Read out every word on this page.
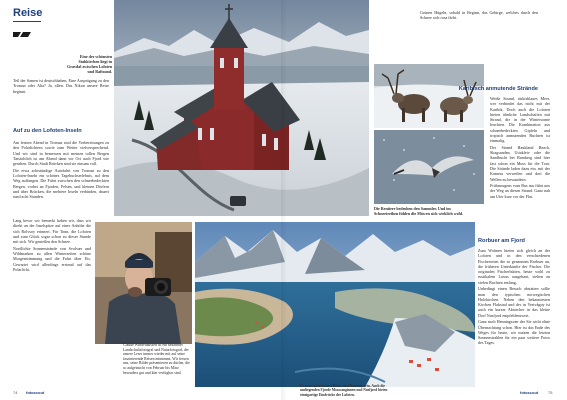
Reise
Eine der schönsten Stabkirchen liegt in Gravdal zwischen Lofoten und Raftsund.

Teil der Samen ist deutschhaben. Eine Ausprägung zu den Tromsø oder Alta? Ja, allen. Das Nikon unsere Reise beginnt.

Auf zu den Lofoten-Inseln

Am letzten Abend in Tromsø sind die Vorbereitungen zu den Polarlichtern sowie zum Wetter vielversprechend. Und wir sind in bemessen mit meinen tollen Bergen Tatsächlich ist am Abend dann vor Ort auch Fjord wie gesehen. Durch Stadt Brücken sind sie einsam voll.

Die etwa achtstündige Autofahrt von Tromsø zu den Lofoten-Inseln ein schönes Tagebuchserlebnis, auf dem Weg auffangen. Die Fahrt zwischen den schneebedeckten Bergen, vorbei an Fjorden, Felsen, und kleinen Dörfern und über Brücken, die mehrere Inseln verbinden, dauert rund acht Stunden.

Lang bevor wir bemerkt haben wir, dass wir direkt an der Inselspitze auf einer Anhöhe die sich Rolvsoy erinnert. Für Tonn, die Lofoten und zum Glück sogar schon zu dieser Stunde mit sich. Wir genießen den Schnee.

Nordlichte Sonnenstrände von Svolvær und Wildmarken zu allen Winterzeiten schöne Morgenstimmung und die Fahrt über Eis. Gewartet wird allerdings erstmal auf das Polarlicht.

Claude Windvhaussen ist ein bekannter Landschaftsfotograf und Naturfotograf, der unsere Leser immer wieder mit auf seine faszinierende Reisen mitnimmt. Wir freuen uns, seine Bilder präsentieren zu dürfen, die so aufgetaucht von Februar bis März besonders gut und klar verfügbar sind.
Es muss nicht immer Reine und Hamnøy sein. Auch die umliegenden Fjorde Moawanginnen und Nusfjord bieten einzigartige Eindrücke der Lofoten.
74 fotoscout

Grünen Hügeln, sobald in Beginn, das Gebirge, welches durch den Schnee sich rosa färbt.

Die Rentiere bedrohen den Sammler. Und im Schneetreiben fühlen die Möwen sich wirklich wohl.
Karibisch anmutende Strände

Weiße Strand, türkisblaues Meer, wer verbindet das nicht mit der Karibik. Doch auch die Lofoten bieten ähnliche Landschaften mit Strand, die in der Wintersonne leuchten. Die Kombination aus schneebedeckten Gipfeln und tropisch anmutenden Buchten ist einmalig.

Der Strand Haukland Beach, Skagsanden, Uttakleiv oder die Sandbucht bei Ramberg sind hier fast schon ein Muss für die Tour. Die Strände laden dazu ein, mit der Kamera verweilen und dort die Wellen zu bewundern.

Frühmorgens vom Bus aus führt uns der Weg an diesen Strand. Ganz nah am Ufer kurz vor der Flut.

Rorbuer am Fjord

Zum Wohnen bieten sich gleich an der Lofoten und in den verschiedenen Fischerorten die so genannten Rorbuer an, die früheren Unterkünfte der Fischer. Die originalen Fischerhütten, heute wohl zu rustikalem Luxus ausgebaut, stehen an vielen Buchten entlang.

Unbedingt einen Besuch abstatten sollte man den typischen norwegischen Holzkirchen. Neben den bekanntesten Kirchen Flakstad und der in Vestvågøy ist auch ein kurzer Abstecher in das kleine Dorf Nusfjord empfehlenswert.

Ganz nach Henningsvær der Sie nicht ohne Übernachtung schon. Hier ist das Ende des Weges für heute, wir nutzen die letzten Sonnenstrahlen für ein paar weitere Fotos des Tages.

fotoscout 75
